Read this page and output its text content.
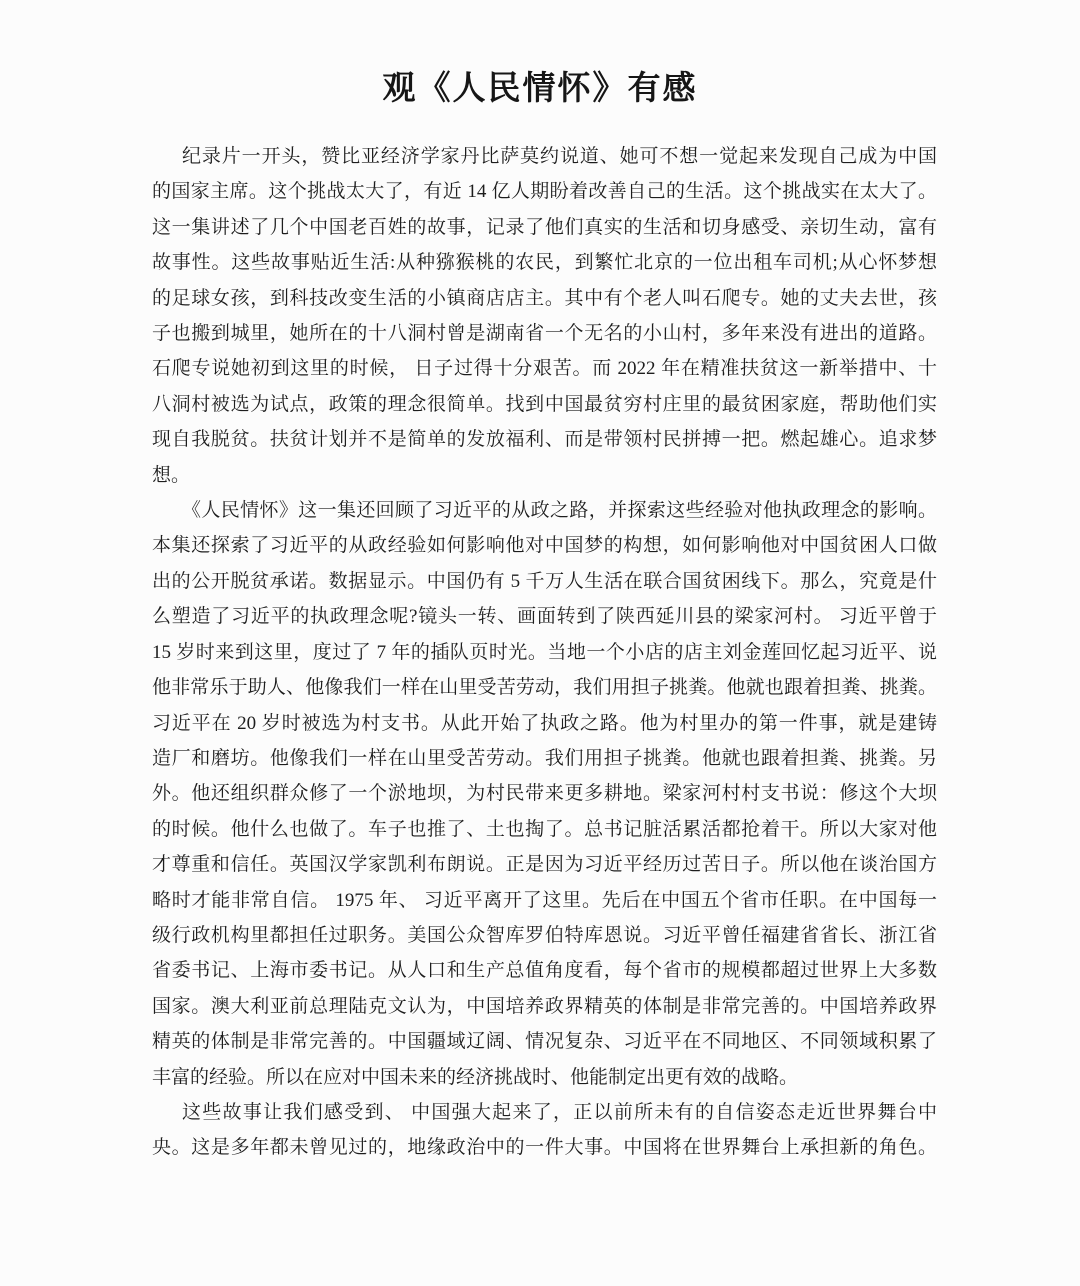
观《人民情怀》有感
纪录片一开头，赞比亚经济学家丹比萨莫约说道、她可不想一觉起来发现自己成为中国
的国家主席。这个挑战太大了，有近 14 亿人期盼着改善自己的生活。这个挑战实在太大了。
这一集讲述了几个中国老百姓的故事，记录了他们真实的生活和切身感受、亲切生动，富有
故事性。这些故事贴近生活:从种猕猴桃的农民，到繁忙北京的一位出租车司机;从心怀梦想
的足球女孩，到科技改变生活的小镇商店店主。其中有个老人叫石爬专。她的丈夫去世，孩
子也搬到城里，她所在的十八洞村曾是湖南省一个无名的小山村，多年来没有进出的道路。
石爬专说她初到这里的时候， 日子过得十分艰苦。而 2022 年在精准扶贫这一新举措中、十
八洞村被选为试点，政策的理念很简单。找到中国最贫穷村庄里的最贫困家庭，帮助他们实
现自我脱贫。扶贫计划并不是简单的发放福利、而是带领村民拼搏一把。燃起雄心。追求梦
想。
《人民情怀》这一集还回顾了习近平的从政之路，并探索这些经验对他执政理念的影响。
本集还探索了习近平的从政经验如何影响他对中国梦的构想，如何影响他对中国贫困人口做
出的公开脱贫承诺。数据显示。中国仍有 5 千万人生活在联合国贫困线下。那么，究竟是什
么塑造了习近平的执政理念呢?镜头一转、画面转到了陕西延川县的梁家河村。 习近平曾于
15 岁时来到这里，度过了 7 年的插队页时光。当地一个小店的店主刘金莲回忆起习近平、说
他非常乐于助人、他像我们一样在山里受苦劳动，我们用担子挑粪。他就也跟着担粪、挑粪。
习近平在 20 岁时被选为村支书。从此开始了执政之路。他为村里办的第一件事，就是建铸
造厂和磨坊。他像我们一样在山里受苦劳动。我们用担子挑粪。他就也跟着担粪、挑粪。另
外。他还组织群众修了一个淤地坝，为村民带来更多耕地。梁家河村村支书说：修这个大坝
的时候。他什么也做了。车子也推了、土也掏了。总书记脏活累活都抢着干。所以大家对他
才尊重和信任。英国汉学家凯利布朗说。正是因为习近平经历过苦日子。所以他在谈治国方
略时才能非常自信。 1975 年、 习近平离开了这里。先后在中国五个省市任职。在中国每一
级行政机构里都担任过职务。美国公众智库罗伯特库恩说。习近平曾任福建省省长、浙江省
省委书记、上海市委书记。从人口和生产总值角度看，每个省市的规模都超过世界上大多数
国家。澳大利亚前总理陆克文认为，中国培养政界精英的体制是非常完善的。中国培养政界
精英的体制是非常完善的。中国疆域辽阔、情况复杂、习近平在不同地区、不同领域积累了
丰富的经验。所以在应对中国未来的经济挑战时、他能制定出更有效的战略。
这些故事让我们感受到、 中国强大起来了，正以前所未有的自信姿态走近世界舞台中
央。这是多年都未曾见过的，地缘政治中的一件大事。中国将在世界舞台上承担新的角色。
